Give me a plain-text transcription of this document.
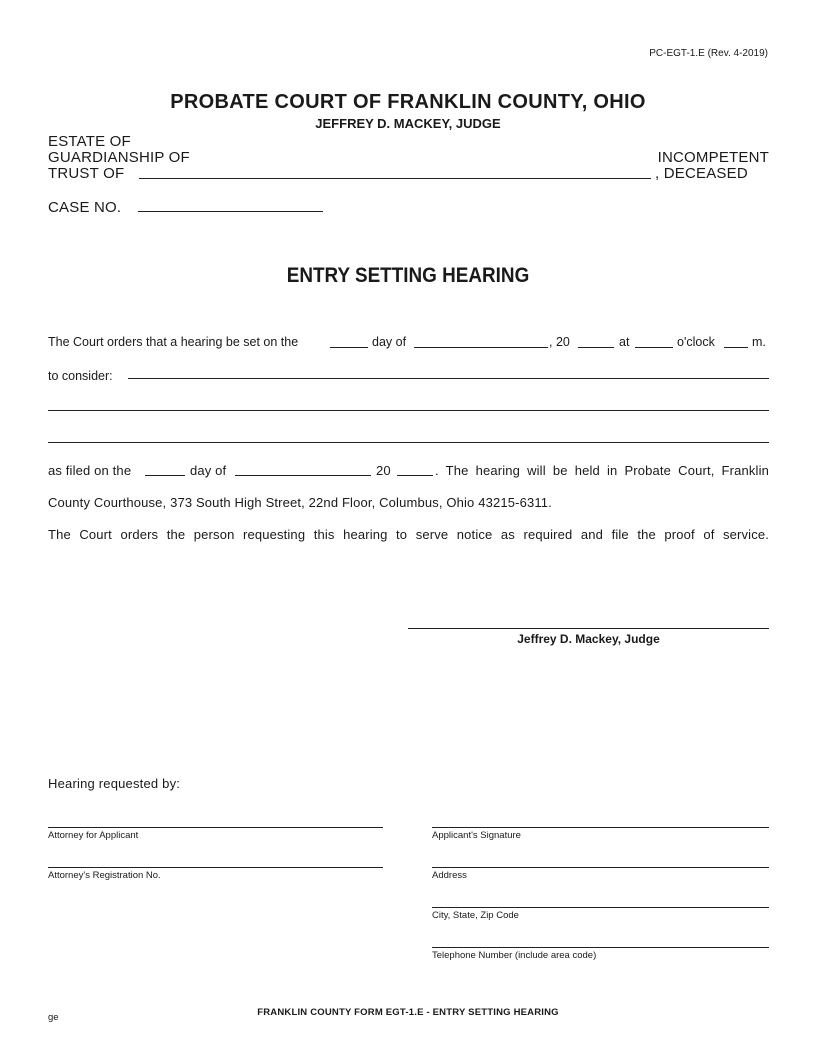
PC-EGT-1.E (Rev. 4-2019)
PROBATE COURT OF FRANKLIN COUNTY, OHIO
JEFFREY D. MACKEY, JUDGE
ESTATE OF
GUARDIANSHIP OF	INCOMPETENT
TRUST OF	, DECEASED
CASE NO.
ENTRY SETTING HEARING
The Court orders that a hearing be set on the	day of	, 20	at	o'clock	m.
to consider:
as filed on the	day of	20	. The hearing will be held in Probate Court, Franklin
County Courthouse, 373 South High Street, 22nd Floor, Columbus, Ohio 43215-6311.
The Court orders the person requesting this hearing to serve notice as required and file the proof of service.
Jeffrey D. Mackey, Judge
Hearing requested by:
Attorney for Applicant
Attorney's Registration No.
Applicant's Signature
Address
City, State, Zip Code
Telephone Number (include area code)
ge	FRANKLIN COUNTY FORM EGT-1.E - ENTRY SETTING HEARING
